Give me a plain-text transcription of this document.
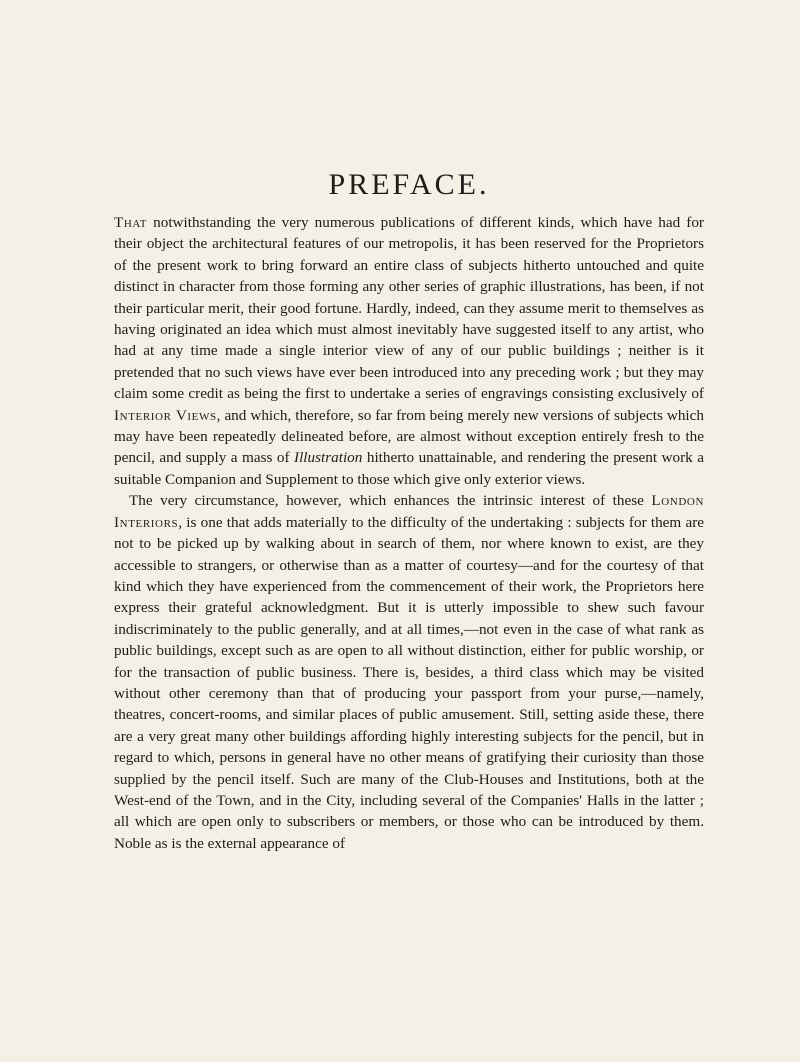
PREFACE.

That notwithstanding the very numerous publications of different kinds, which have had for their object the architectural features of our metropolis, it has been reserved for the Proprietors of the present work to bring forward an entire class of subjects hitherto untouched and quite distinct in character from those forming any other series of graphic illustrations, has been, if not their particular merit, their good fortune. Hardly, indeed, can they assume merit to themselves as having originated an idea which must almost inevitably have suggested itself to any artist, who had at any time made a single interior view of any of our public buildings ; neither is it pretended that no such views have ever been introduced into any preceding work ; but they may claim some credit as being the first to undertake a series of engravings consisting exclusively of Interior Views, and which, therefore, so far from being merely new versions of subjects which may have been repeatedly delineated before, are almost without exception entirely fresh to the pencil, and supply a mass of Illustration hitherto unattainable, and rendering the present work a suitable Companion and Supplement to those which give only exterior views.

The very circumstance, however, which enhances the intrinsic interest of these London Interiors, is one that adds materially to the difficulty of the undertaking : subjects for them are not to be picked up by walking about in search of them, nor where known to exist, are they accessible to strangers, or otherwise than as a matter of courtesy—and for the courtesy of that kind which they have experienced from the commencement of their work, the Proprietors here express their grateful acknowledgment. But it is utterly impossible to shew such favour indiscriminately to the public generally, and at all times,—not even in the case of what rank as public buildings, except such as are open to all without distinction, either for public worship, or for the transaction of public business. There is, besides, a third class which may be visited without other ceremony than that of producing your passport from your purse,—namely, theatres, concert-rooms, and similar places of public amusement. Still, setting aside these, there are a very great many other buildings affording highly interesting subjects for the pencil, but in regard to which, persons in general have no other means of gratifying their curiosity than those supplied by the pencil itself. Such are many of the Club-Houses and Institutions, both at the West-end of the Town, and in the City, including several of the Companies' Halls in the latter ; all which are open only to subscribers or members, or those who can be introduced by them. Noble as is the external appearance of
